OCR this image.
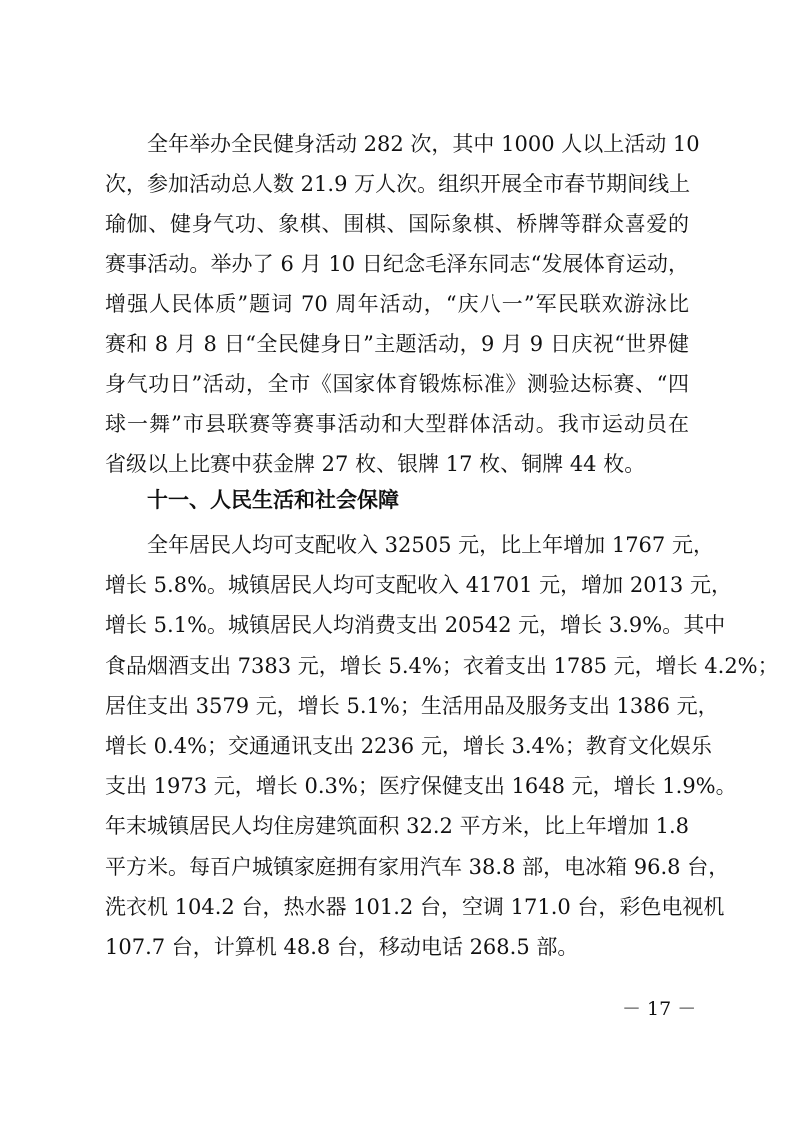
全年举办全民健身活动 282 次，其中 1000 人以上活动 10
次，参加活动总人数 21.9 万人次。组织开展全市春节期间线上
瑜伽、健身气功、象棋、围棋、国际象棋、桥牌等群众喜爱的
赛事活动。举办了 6 月 10 日纪念毛泽东同志“发展体育运动，
增强人民体质”题词 70 周年活动，“庆八一”军民联欢游泳比
赛和 8 月 8 日“全民健身日”主题活动，9 月 9 日庆祝“世界健
身气功日”活动，全市《国家体育锻炼标准》测验达标赛、“四
球一舞”市县联赛等赛事活动和大型群体活动。我市运动员在
省级以上比赛中获金牌 27 枚、银牌 17 枚、铜牌 44 枚。
十一、人民生活和社会保障
全年居民人均可支配收入 32505 元，比上年增加 1767 元，
增长 5.8%。城镇居民人均可支配收入 41701 元，增加 2013 元，
增长 5.1%。城镇居民人均消费支出 20542 元，增长 3.9%。其中
食品烟酒支出 7383 元，增长 5.4%；衣着支出 1785 元，增长 4.2%；
居住支出 3579 元，增长 5.1%；生活用品及服务支出 1386 元，
增长 0.4%；交通通讯支出 2236 元，增长 3.4%；教育文化娱乐
支出 1973 元，增长 0.3%；医疗保健支出 1648 元，增长 1.9%。
年末城镇居民人均住房建筑面积 32.2 平方米，比上年增加 1.8
平方米。每百户城镇家庭拥有家用汽车 38.8 部，电冰箱 96.8 台，
洗衣机 104.2 台，热水器 101.2 台，空调 171.0 台，彩色电视机
107.7 台，计算机 48.8 台，移动电话 268.5 部。
－ 17 －
